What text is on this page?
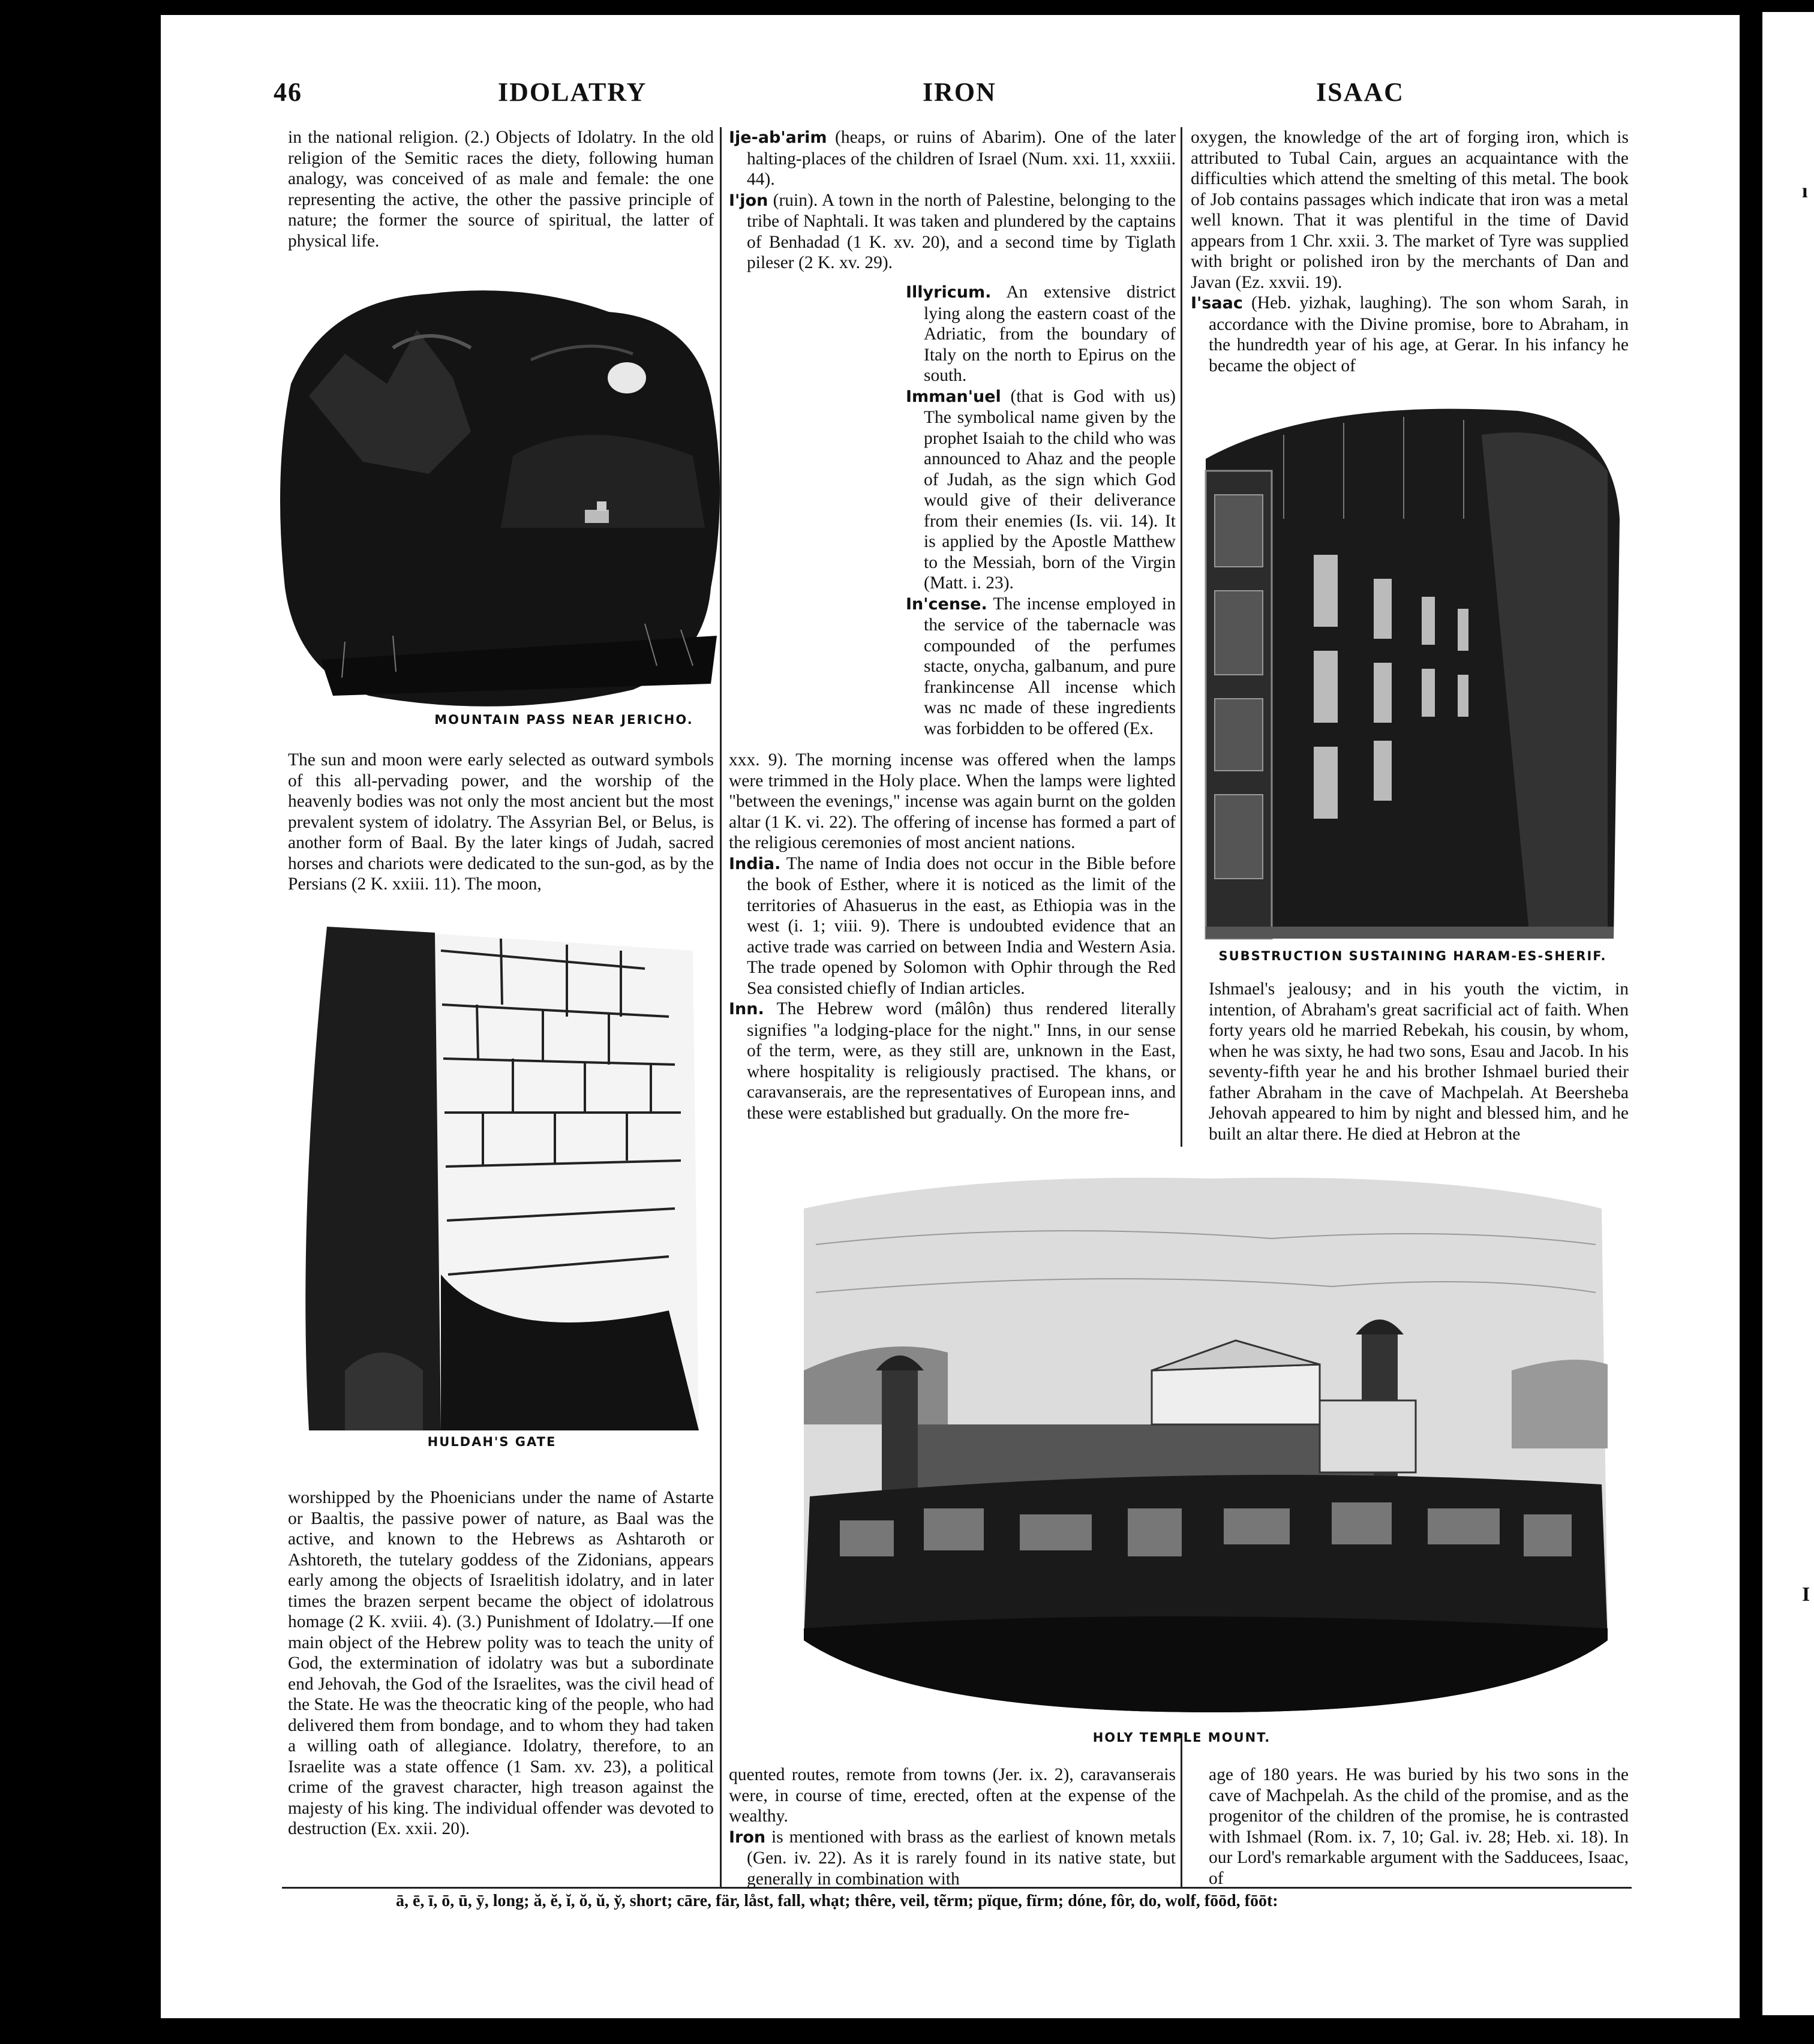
ı
I
46	IDOLATRY	IRON	ISAAC
in the national religion. (2.) Objects of Idolatry. In the old religion of the Semitic races the diety, following human analogy, was conceived of as male and female: the one representing the active, the other the passive principle of nature; the former the source of spiritual, the latter of physical life.
MOUNTAIN PASS NEAR JERICHO.
The sun and moon were early selected as outward symbols of this all-pervading power, and the worship of the heavenly bodies was not only the most ancient but the most prevalent system of idolatry. The Assyrian Bel, or Belus, is another form of Baal. By the later kings of Judah, sacred horses and chariots were dedicated to the sun-god, as by the Persians (2 K. xxiii. 11). The moon,
HULDAH'S GATE
worshipped by the Phoenicians under the name of Astarte or Baaltis, the passive power of nature, as Baal was the active, and known to the Hebrews as Ashtaroth or Ashtoreth, the tutelary goddess of the Zidonians, appears early among the objects of Israelitish idolatry, and in later times the brazen serpent became the object of idolatrous homage (2 K. xviii. 4). (3.) Punishment of Idolatry.—If one main object of the Hebrew polity was to teach the unity of God, the extermination of idolatry was but a subordinate end Jehovah, the God of the Israelites, was the civil head of the State. He was the theocratic king of the people, who had delivered them from bondage, and to whom they had taken a willing oath of allegiance. Idolatry, therefore, to an Israelite was a state offence (1 Sam. xv. 23), a political crime of the gravest character, high treason against the majesty of his king. The individual offender was devoted to destruction (Ex. xxii. 20).

Ije-ab'arim (heaps, or ruins of Abarim). One of the later halting-places of the children of Israel (Num. xxi. 11, xxxiii. 44).

I'jon (ruin). A town in the north of Palestine, belonging to the tribe of Naphtali. It was taken and plundered by the captains of Benhadad (1 K. xv. 20), and a second time by Tiglath pileser (2 K. xv. 29).

Illyricum. An extensive district lying along the eastern coast of the Adriatic, from the boundary of Italy on the north to Epirus on the south.

Imman'uel (that is God with us) The symbolical name given by the prophet Isaiah to the child who was announced to Ahaz and the people of Judah, as the sign which God would give of their deliverance from their enemies (Is. vii. 14). It is applied by the Apostle Matthew to the Messiah, born of the Virgin (Matt. i. 23).

In'cense. The incense employed in the service of the tabernacle was compounded of the perfumes stacte, onycha, galbanum, and pure frankincense All incense which was nc made of these ingredients was forbidden to be offered (Ex.

xxx. 9). The morning incense was offered when the lamps were trimmed in the Holy place. When the lamps were lighted "between the evenings," incense was again burnt on the golden altar (1 K. vi. 22). The offering of incense has formed a part of the religious ceremonies of most ancient nations.

India. The name of India does not occur in the Bible before the book of Esther, where it is noticed as the limit of the territories of Ahasuerus in the east, as Ethiopia was in the west (i. 1; viii. 9). There is undoubted evidence that an active trade was carried on between India and Western Asia. The trade opened by Solomon with Ophir through the Red Sea consisted chiefly of Indian articles.

Inn. The Hebrew word (mâlôn) thus rendered literally signifies "a lodging-place for the night." Inns, in our sense of the term, were, as they still are, unknown in the East, where hospitality is religiously practised. The khans, or caravanserais, are the representatives of European inns, and these were established but gradually. On the more fre-

oxygen, the knowledge of the art of forging iron, which is attributed to Tubal Cain, argues an acquaintance with the difficulties which attend the smelting of this metal. The book of Job contains passages which indicate that iron was a metal well known. That it was plentiful in the time of David appears from 1 Chr. xxii. 3. The market of Tyre was supplied with bright or polished iron by the merchants of Dan and Javan (Ez. xxvii. 19).

I'saac (Heb. yizhak, laughing). The son whom Sarah, in accordance with the Divine promise, bore to Abraham, in the hundredth year of his age, at Gerar. In his infancy he became the object of

SUBSTRUCTION SUSTAINING HARAM-ES-SHERIF.
Ishmael's jealousy; and in his youth the victim, in intention, of Abraham's great sacrificial act of faith. When forty years old he married Rebekah, his cousin, by whom, when he was sixty, he had two sons, Esau and Jacob. In his seventy-fifth year he and his brother Ishmael buried their father Abraham in the cave of Machpelah. At Beersheba Jehovah appeared to him by night and blessed him, and he built an altar there. He died at Hebron at the
HOLY TEMPLE MOUNT.

quented routes, remote from towns (Jer. ix. 2), caravanserais were, in course of time, erected, often at the expense of the wealthy.

Iron is mentioned with brass as the earliest of known metals (Gen. iv. 22). As it is rarely found in its native state, but generally in combination with

age of 180 years. He was buried by his two sons in the cave of Machpelah. As the child of the promise, and as the progenitor of the children of the promise, he is contrasted with Ishmael (Rom. ix. 7, 10; Gal. iv. 28; Heb. xi. 18). In our Lord's remarkable argument with the Sadducees, Isaac, of
ā, ē, ī, ō, ū, ȳ, long; ă, ĕ, ĭ, ŏ, ŭ, y̆, short; cāre, fär, låst, fall, whạt; thêre, veil, tẽrm; pïque, fïrm; dóne, fôr, do, wolf, fōōd, fōōt:
